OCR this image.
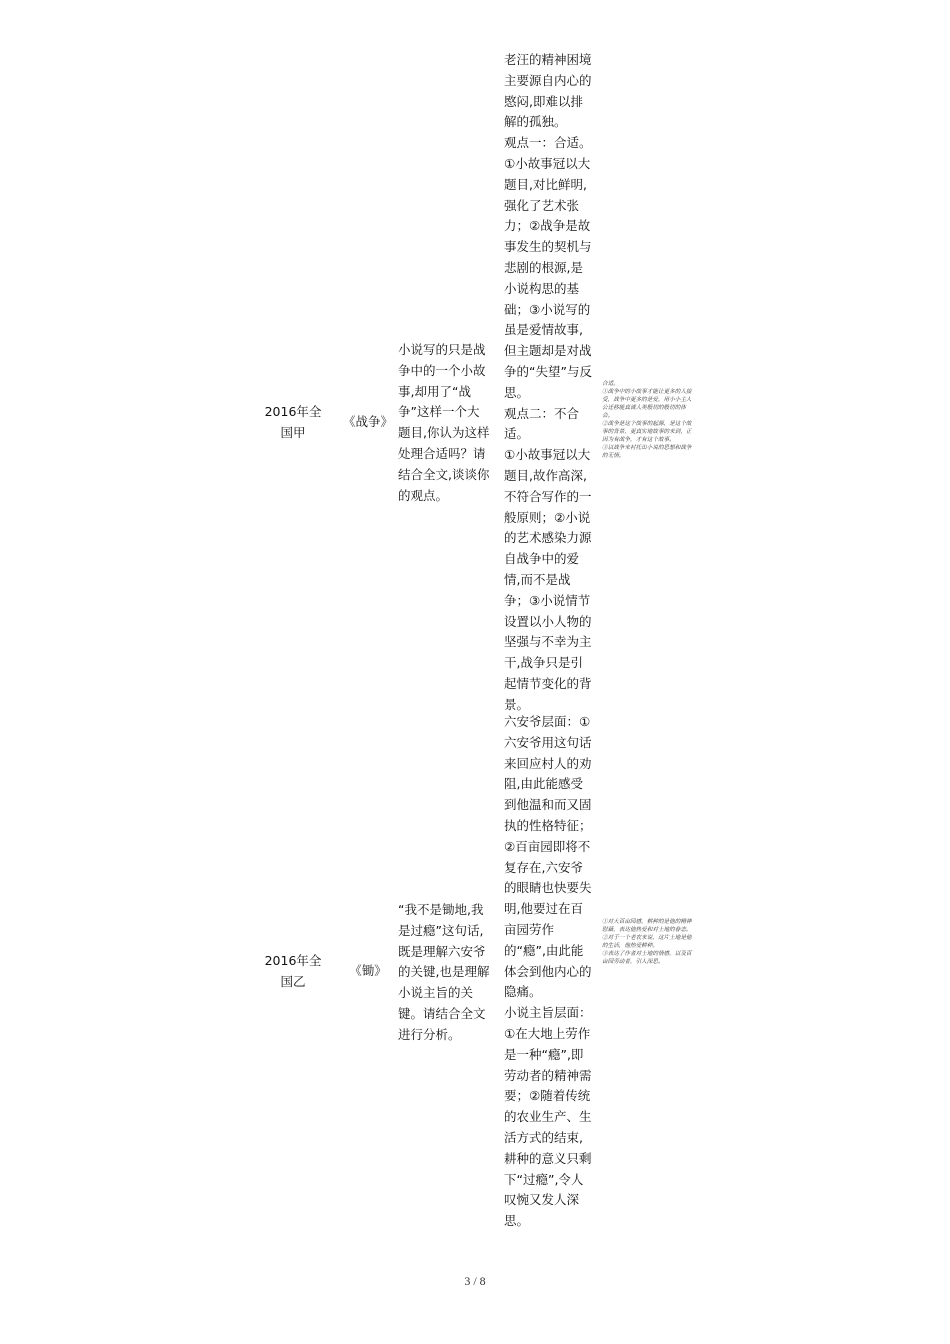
2016年全
国甲
《战争》
小说写的只是战争中的一个小故事,却用了“战争”这样一个大题目,你认为这样处理合适吗？请结合全文,谈谈你的观点。
老汪的精神困境主要源自内心的愍闷,即难以排解的孤独。
观点一：合适。
①小故事冠以大题目,对比鲜明,强化了艺术张力；②战争是故事发生的契机与悲剧的根源,是小说构思的基础；③小说写的虽是爱情故事,但主题却是对战争的“失望”与反思。
观点二：不合适。
①小故事冠以大题目,故作高深,不符合写作的一般原则；②小说的艺术感染力源自战争中的爱情,而不是战争；③小说情节设置以小人物的坚强与不幸为主干,战争只是引起情节变化的背景。
合适。
①战争中的小故事才能让更多的人接受，战争中更多的是爱，用小小主人公迁移能真诚人类殷切的殷切的体会。
②战争是这个故事的起源，是这个故事的背景，更真实地故事的来到，正因为有战争，才有这个故事。
③以战争来衬托出小说的思想和战争的无情。
2016年全
国乙
《锄》
“我不是锄地,我是过瘾”这句话,既是理解六安爷的关键,也是理解小说主旨的关键。请结合全文进行分析。
六安爷层面：①六安爷用这句话来回应村人的劝阻,由此能感受到他温和而又固执的性格特征；②百亩园即将不复存在,六安爷的眼睛也快要失明,他要过在百亩园劳作的“瘾”,由此能体会到他内心的隐痛。
小说主旨层面：①在大地上劳作是一种“瘾”,即劳动者的精神需要；②随着传统的农业生产、生活方式的结束,耕种的意义只剩下“过瘾”,令人叹惋又发人深思。
①对大百亩园感，耕种的是他的精神慰藉，表达他热爱和对土地的眷恋。
②对于一个老农来说，这片土地是他的生活，他热爱耕种。
③表达了作者对土地的情感，以及百亩园劳动者，引人深思。
3 / 8
